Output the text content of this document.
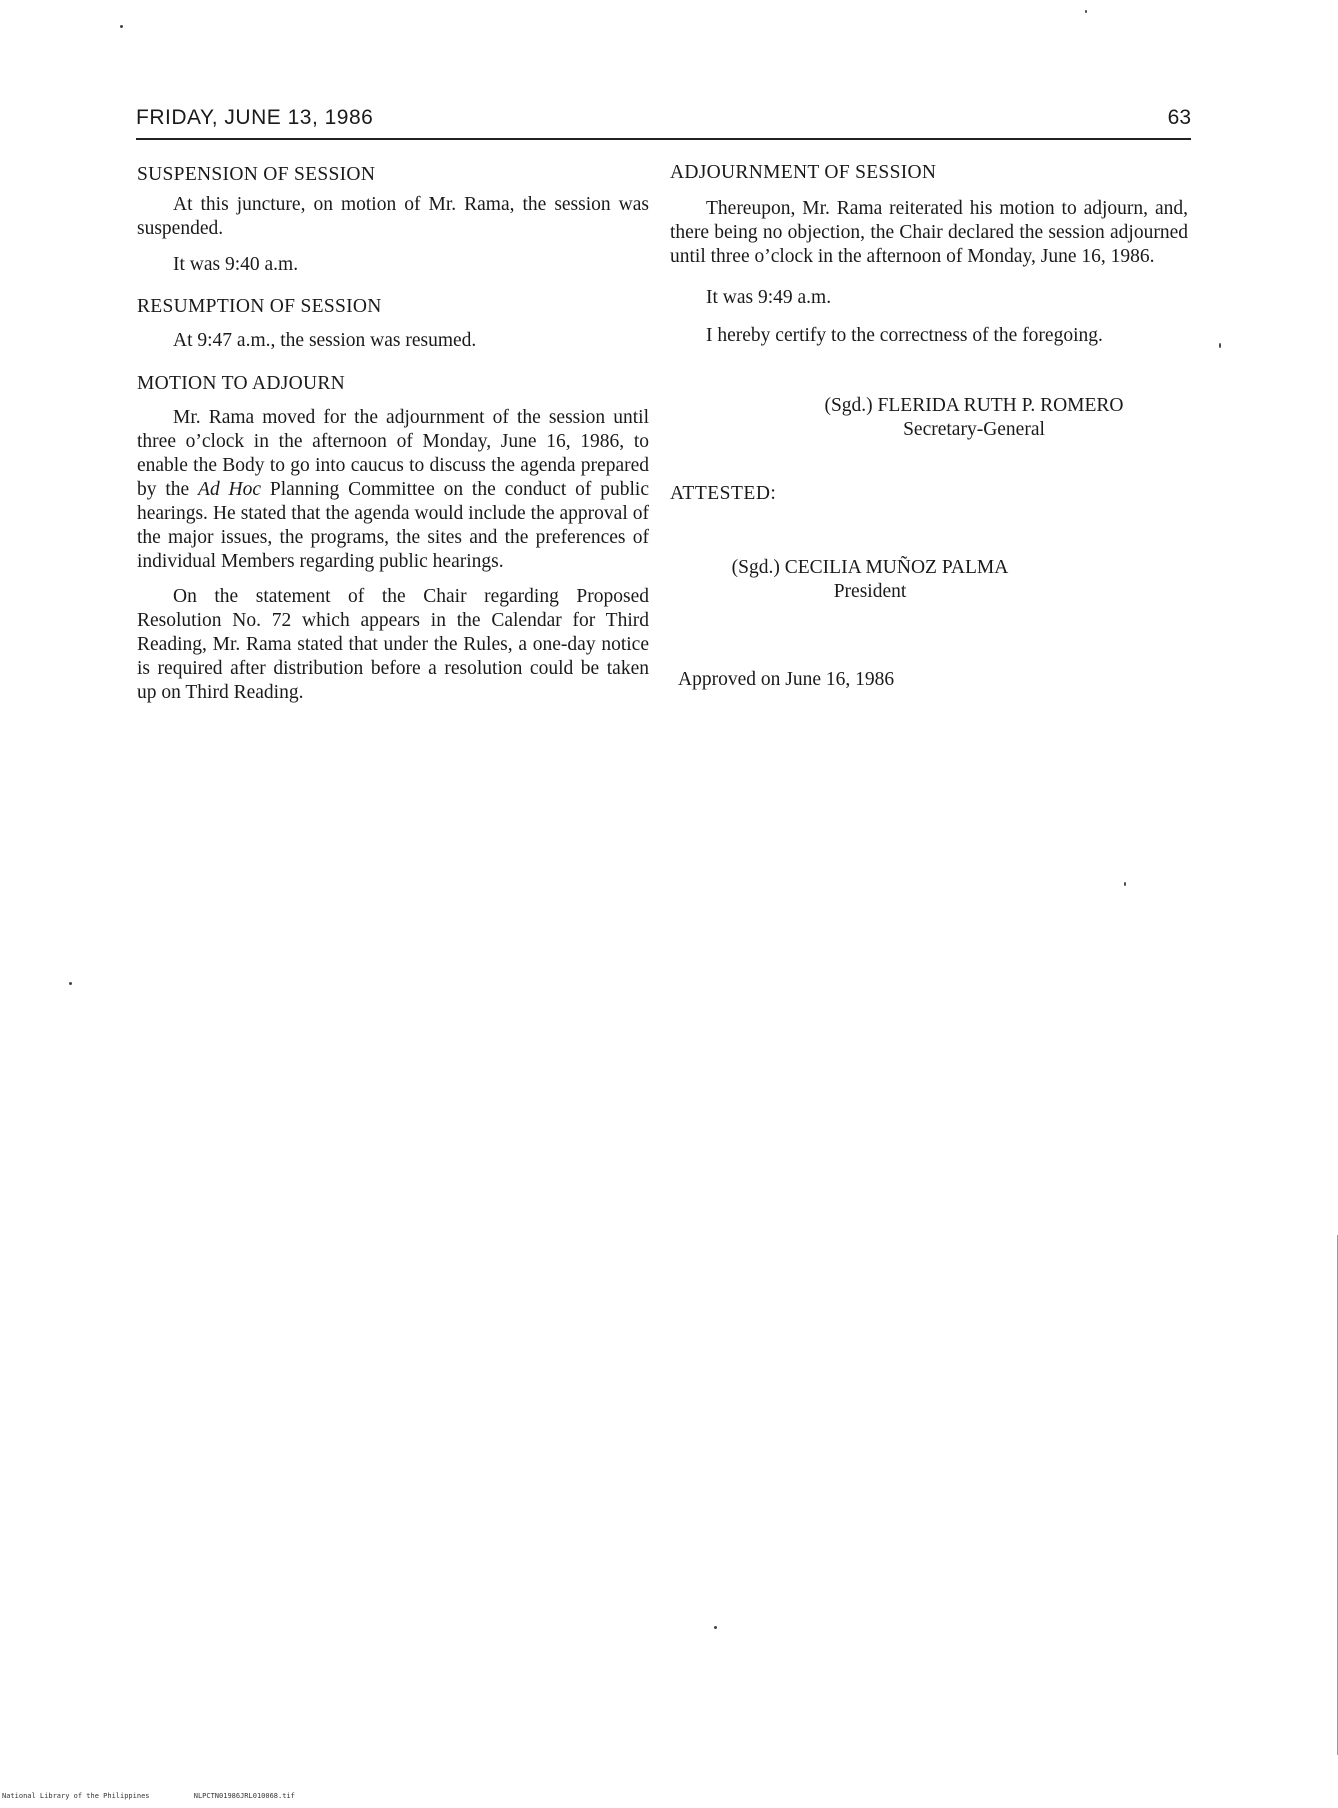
FRIDAY, JUNE 13, 1986	63
SUSPENSION OF SESSION

At this juncture, on motion of Mr. Rama, the session was suspended.

It was 9:40 a.m.

RESUMPTION OF SESSION

At 9:47 a.m., the session was resumed.

MOTION TO ADJOURN

Mr. Rama moved for the adjournment of the session until three o’clock in the afternoon of Monday, June 16, 1986, to enable the Body to go into caucus to discuss the agenda prepared by the Ad Hoc Planning Committee on the conduct of public hearings. He stated that the agenda would include the approval of the major issues, the programs, the sites and the preferences of individual Members regarding public hearings.

On the statement of the Chair regarding Proposed Resolution No. 72 which appears in the Calendar for Third Reading, Mr. Rama stated that under the Rules, a one-day notice is required after distribution before a resolution could be taken up on Third Reading.

ADJOURNMENT OF SESSION

Thereupon, Mr. Rama reiterated his motion to adjourn, and, there being no objection, the Chair declared the session adjourned until three o’clock in the afternoon of Monday, June 16, 1986.

It was 9:49 a.m.

I hereby certify to the correctness of the foregoing.

(Sgd.) FLERIDA RUTH P. ROMERO
Secretary-General

ATTESTED:

(Sgd.) CECILIA MUÑOZ PALMA
President

Approved on June 16, 1986

National Library of the Philippines	NLPCTN01986JRL010068.tif
